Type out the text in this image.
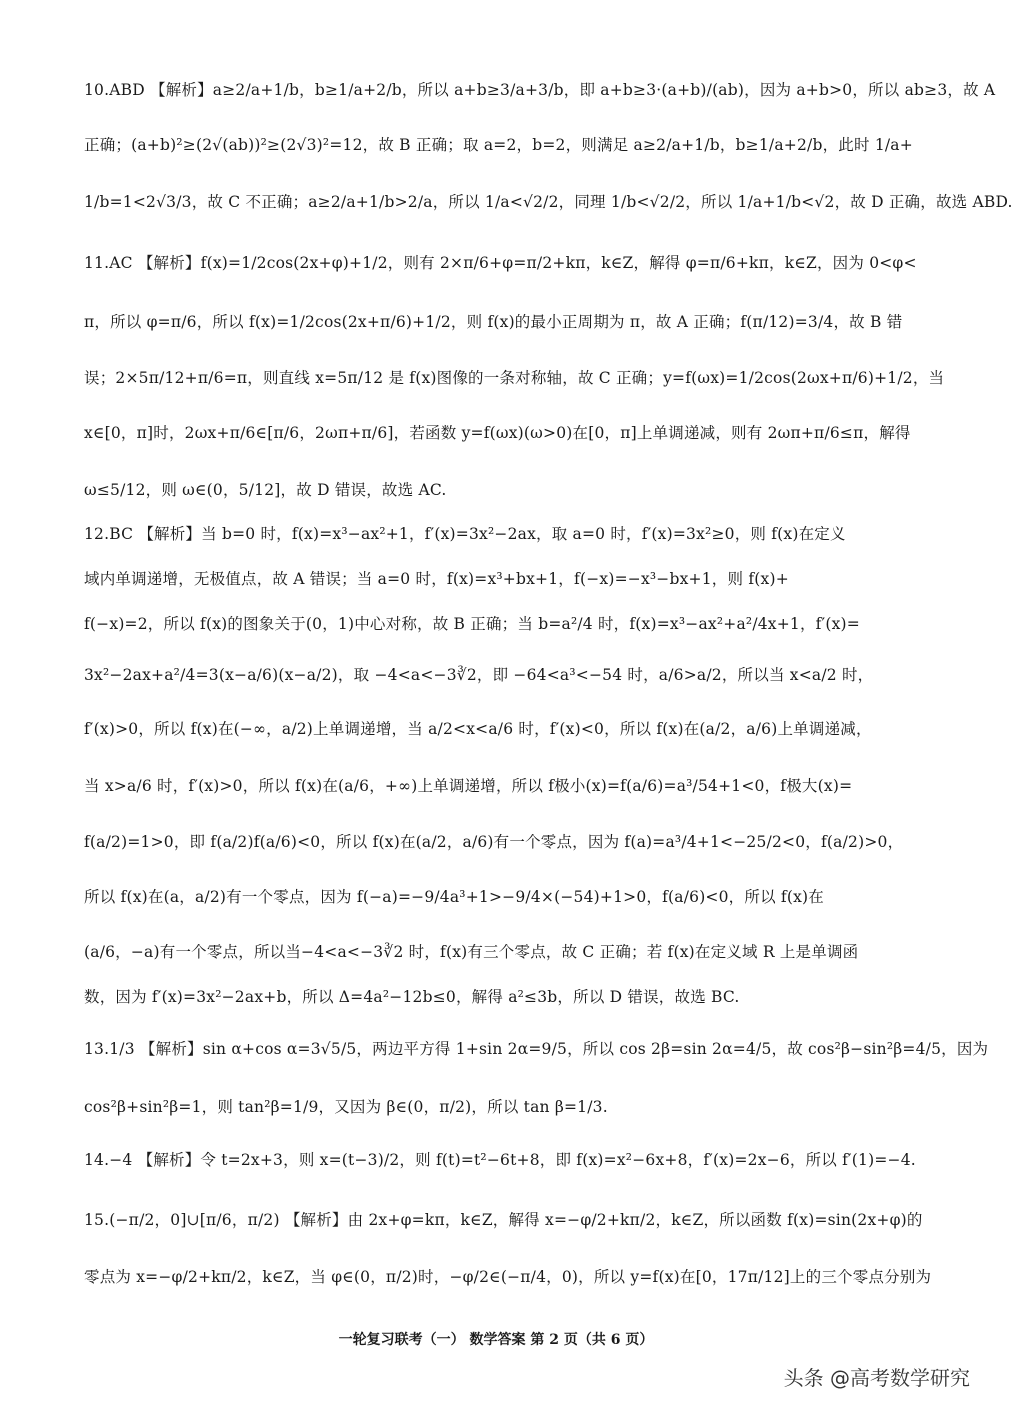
10.ABD 【解析】a≥2/a+1/b，b≥1/a+2/b，所以 a+b≥3/a+3/b，即 a+b≥3·(a+b)/(ab)，因为 a+b>0，所以 ab≥3，故 A
正确；(a+b)²≥(2√(ab))²≥(2√3)²=12，故 B 正确；取 a=2，b=2，则满足 a≥2/a+1/b，b≥1/a+2/b，此时 1/a+
1/b=1<2√3/3，故 C 不正确；a≥2/a+1/b>2/a，所以 1/a<√2/2，同理 1/b<√2/2，所以 1/a+1/b<√2，故 D 正确，故选 ABD.
11.AC 【解析】f(x)=1/2cos(2x+φ)+1/2，则有 2×π/6+φ=π/2+kπ，k∈Z，解得 φ=π/6+kπ，k∈Z，因为 0<φ<
π，所以 φ=π/6，所以 f(x)=1/2cos(2x+π/6)+1/2，则 f(x)的最小正周期为 π，故 A 正确；f(π/12)=3/4，故 B 错
误；2×5π/12+π/6=π，则直线 x=5π/12 是 f(x)图像的一条对称轴，故 C 正确；y=f(ωx)=1/2cos(2ωx+π/6)+1/2，当
x∈[0，π]时，2ωx+π/6∈[π/6，2ωπ+π/6]，若函数 y=f(ωx)(ω>0)在[0，π]上单调递减，则有 2ωπ+π/6≤π，解得
ω≤5/12，则 ω∈(0，5/12]，故 D 错误，故选 AC.
12.BC 【解析】当 b=0 时，f(x)=x³−ax²+1，f′(x)=3x²−2ax，取 a=0 时，f′(x)=3x²≥0，则 f(x)在定义
域内单调递增，无极值点，故 A 错误；当 a=0 时，f(x)=x³+bx+1，f(−x)=−x³−bx+1，则 f(x)+
f(−x)=2，所以 f(x)的图象关于(0，1)中心对称，故 B 正确；当 b=a²/4 时，f(x)=x³−ax²+a²/4x+1，f′(x)=
3x²−2ax+a²/4=3(x−a/6)(x−a/2)，取 −4<a<−3∛2，即 −64<a³<−54 时，a/6>a/2，所以当 x<a/2 时，
f′(x)>0，所以 f(x)在(−∞，a/2)上单调递增，当 a/2<x<a/6 时，f′(x)<0，所以 f(x)在(a/2，a/6)上单调递减，
当 x>a/6 时，f′(x)>0，所以 f(x)在(a/6，+∞)上单调递增，所以 f极小(x)=f(a/6)=a³/54+1<0，f极大(x)=
f(a/2)=1>0，即 f(a/2)f(a/6)<0，所以 f(x)在(a/2，a/6)有一个零点，因为 f(a)=a³/4+1<−25/2<0，f(a/2)>0，
所以 f(x)在(a，a/2)有一个零点，因为 f(−a)=−9/4a³+1>−9/4×(−54)+1>0，f(a/6)<0，所以 f(x)在
(a/6，−a)有一个零点，所以当−4<a<−3∛2 时，f(x)有三个零点，故 C 正确；若 f(x)在定义域 R 上是单调函
数，因为 f′(x)=3x²−2ax+b，所以 Δ=4a²−12b≤0，解得 a²≤3b，所以 D 错误，故选 BC.
13.1/3 【解析】sin α+cos α=3√5/5，两边平方得 1+sin 2α=9/5，所以 cos 2β=sin 2α=4/5，故 cos²β−sin²β=4/5，因为
cos²β+sin²β=1，则 tan²β=1/9，又因为 β∈(0，π/2)，所以 tan β=1/3.
14.−4 【解析】令 t=2x+3，则 x=(t−3)/2，则 f(t)=t²−6t+8，即 f(x)=x²−6x+8，f′(x)=2x−6，所以 f′(1)=−4.
15.(−π/2，0]∪[π/6，π/2) 【解析】由 2x+φ=kπ，k∈Z，解得 x=−φ/2+kπ/2，k∈Z，所以函数 f(x)=sin(2x+φ)的
零点为 x=−φ/2+kπ/2，k∈Z，当 φ∈(0，π/2)时，−φ/2∈(−π/4，0)，所以 y=f(x)在[0，17π/12]上的三个零点分别为
一轮复习联考（一） 数学答案 第 2 页（共 6 页）
头条 @高考数学研究
